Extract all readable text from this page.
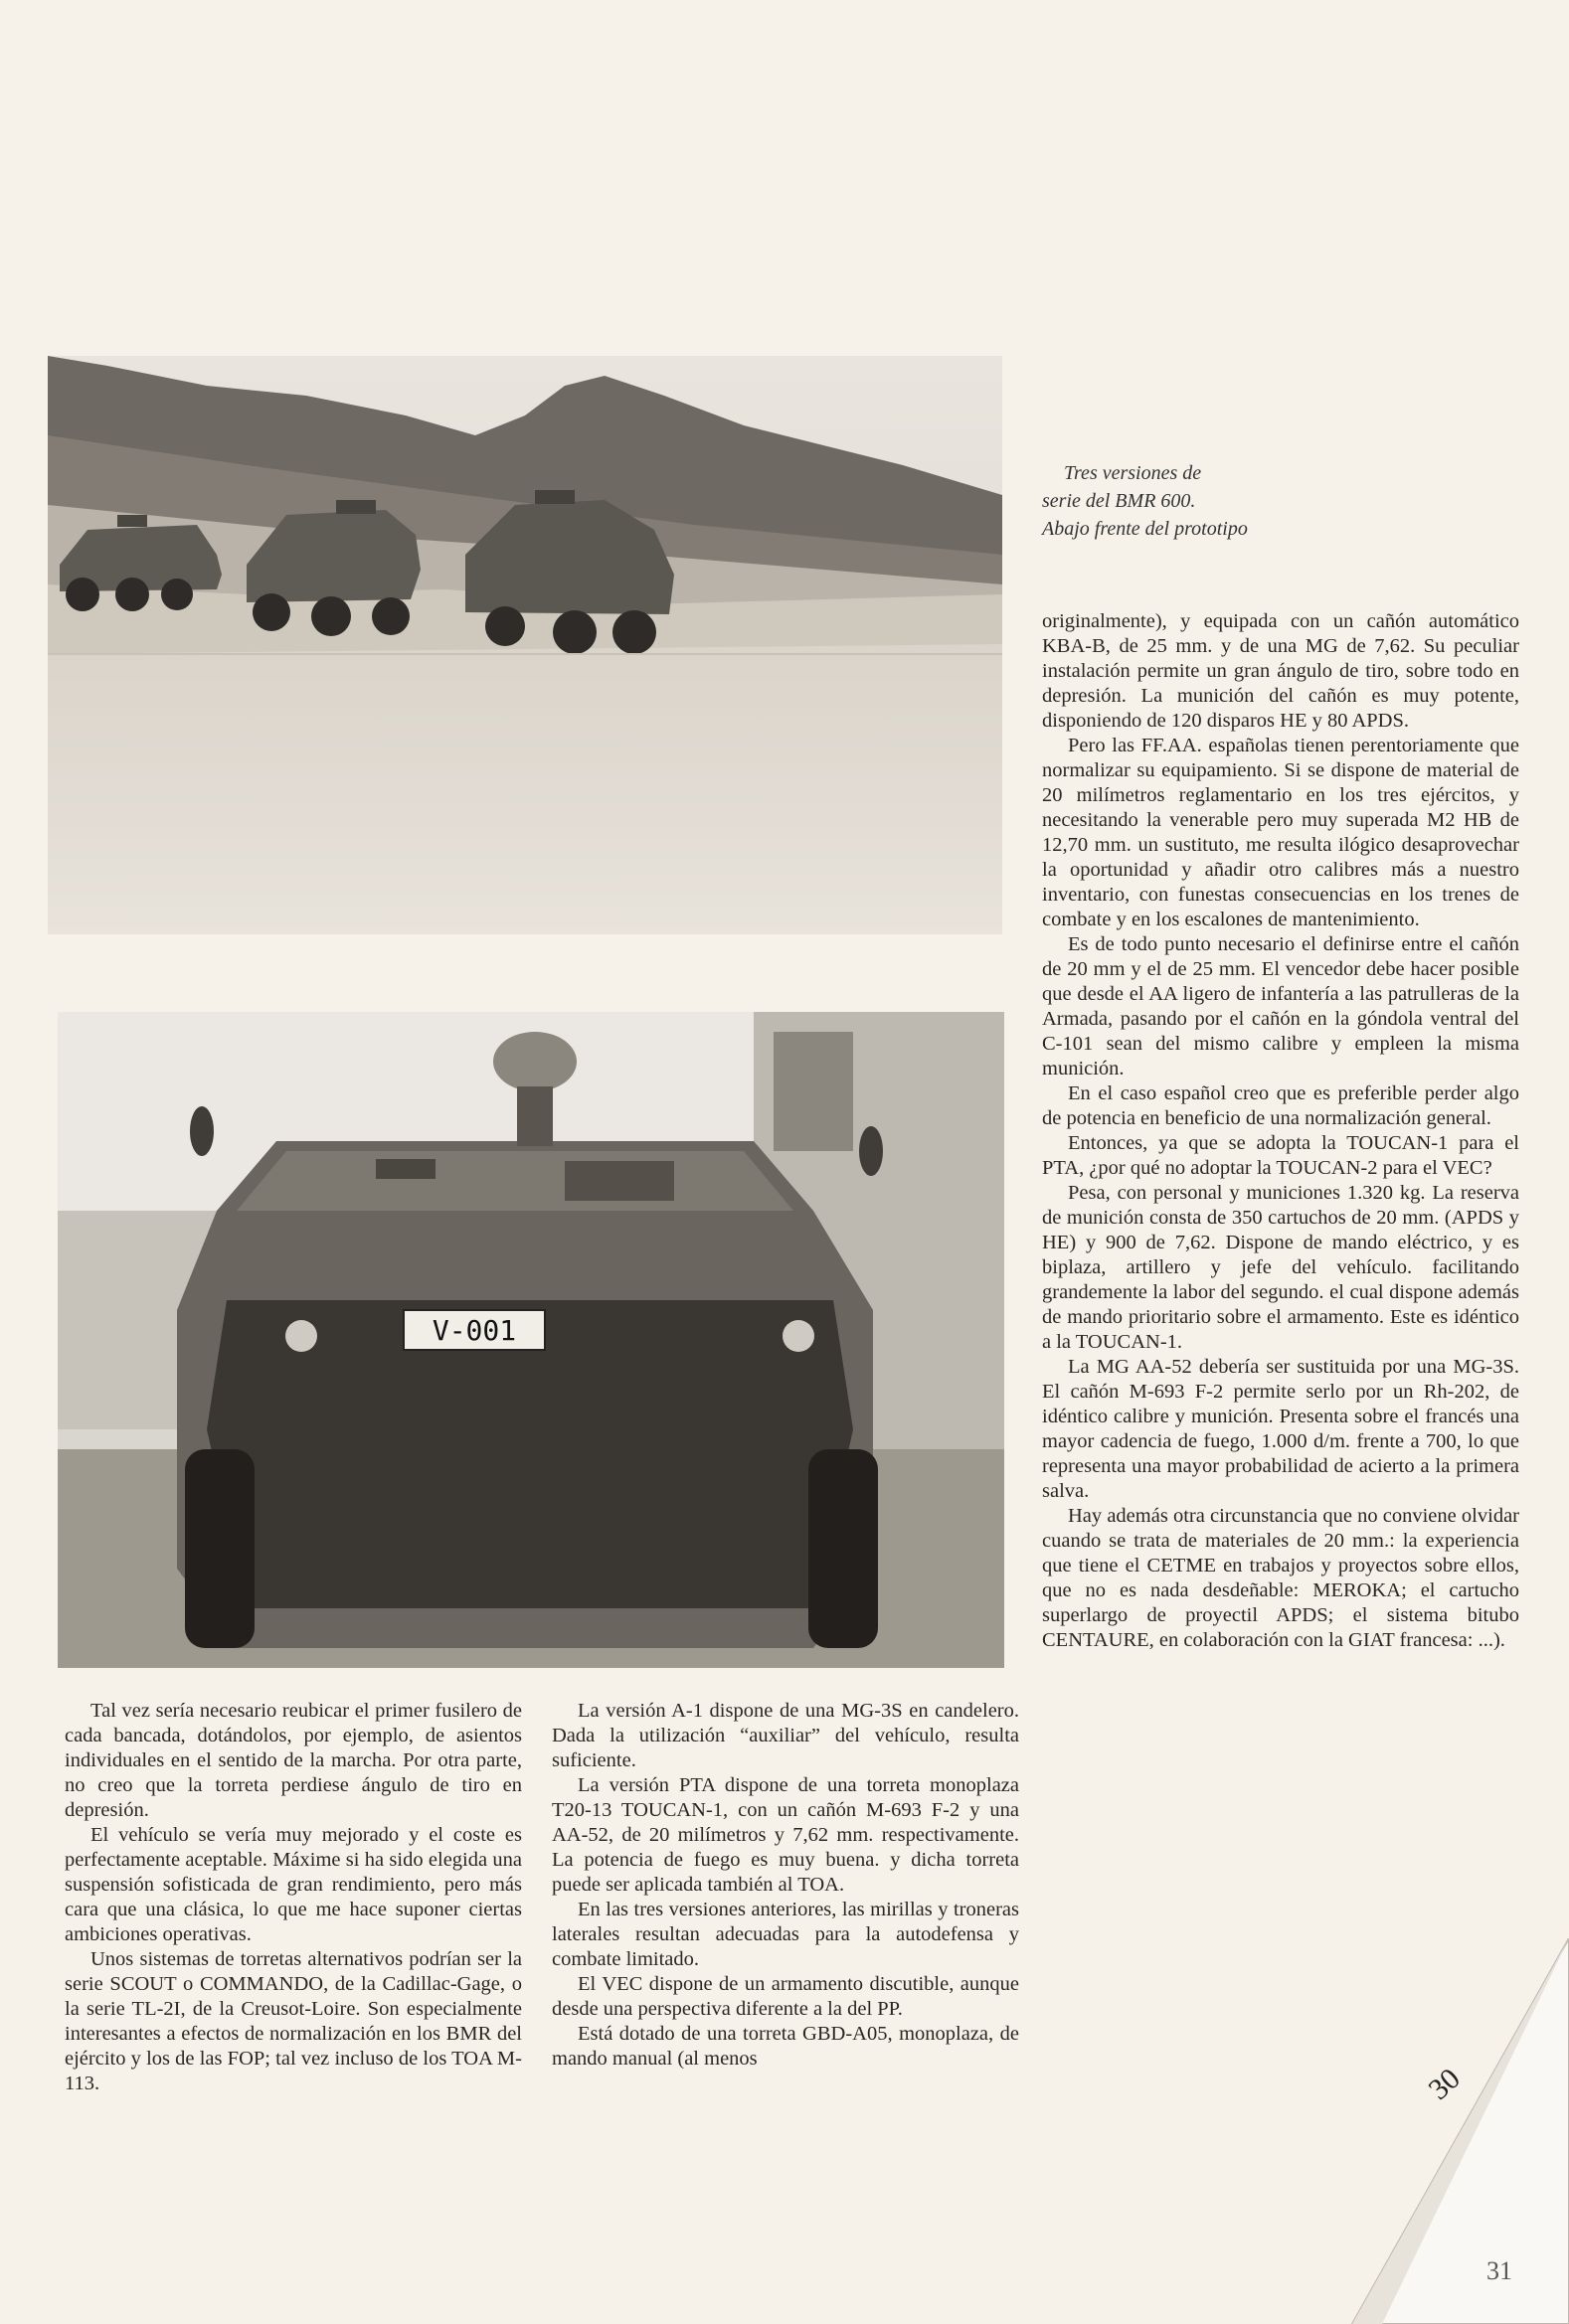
Tres versiones de
serie del BMR 600.
Abajo frente del prototipo
V-001

originalmente), y equipada con un cañón automático KBA-B, de 25 mm. y de una MG de 7,62. Su peculiar instalación permite un gran ángulo de tiro, sobre todo en depresión. La munición del cañón es muy potente, disponiendo de 120 disparos HE y 80 APDS.

Pero las FF.AA. españolas tienen perentoriamente que normalizar su equipamiento. Si se dispone de material de 20 milímetros reglamentario en los tres ejércitos, y necesitando la venerable pero muy superada M2 HB de 12,70 mm. un sustituto, me resulta ilógico desaprovechar la oportunidad y añadir otro calibres más a nuestro inventario, con funestas consecuencias en los trenes de combate y en los escalones de mantenimiento.

Es de todo punto necesario el definirse entre el cañón de 20 mm y el de 25 mm. El vencedor debe hacer posible que desde el AA ligero de infantería a las patrulleras de la Armada, pasando por el cañón en la góndola ventral del C-101 sean del mismo calibre y empleen la misma munición.

En el caso español creo que es preferible perder algo de potencia en beneficio de una normalización general.

Entonces, ya que se adopta la TOUCAN-1 para el PTA, ¿por qué no adoptar la TOUCAN-2 para el VEC?

Pesa, con personal y municiones 1.320 kg. La reserva de munición consta de 350 cartuchos de 20 mm. (APDS y HE) y 900 de 7,62. Dispone de mando eléctrico, y es biplaza, artillero y jefe del vehículo. facilitando grandemente la labor del segundo. el cual dispone además de mando prioritario sobre el armamento. Este es idéntico a la TOUCAN-1.

La MG AA-52 debería ser sustituida por una MG-3S. El cañón M-693 F-2 permite serlo por un Rh-202, de idéntico calibre y munición. Presenta sobre el francés una mayor cadencia de fuego, 1.000 d/m. frente a 700, lo que representa una mayor probabilidad de acierto a la primera salva.

Hay además otra circunstancia que no conviene olvidar cuando se trata de materiales de 20 mm.: la experiencia que tiene el CETME en trabajos y proyectos sobre ellos, que no es nada desdeñable: MEROKA; el cartucho superlargo de proyectil APDS; el sistema bitubo CENTAURE, en colaboración con la GIAT francesa: ...).

Tal vez sería necesario reubicar el primer fusilero de cada bancada, dotándolos, por ejemplo, de asientos individuales en el sentido de la marcha. Por otra parte, no creo que la torreta perdiese ángulo de tiro en depresión.

El vehículo se vería muy mejorado y el coste es perfectamente aceptable. Máxime si ha sido elegida una suspensión sofisticada de gran rendimiento, pero más cara que una clásica, lo que me hace suponer ciertas ambiciones operativas.

Unos sistemas de torretas alternativos podrían ser la serie SCOUT o COMMANDO, de la Cadillac-Gage, o la serie TL-2I, de la Creusot-Loire. Son especialmente interesantes a efectos de normalización en los BMR del ejército y los de las FOP; tal vez incluso de los TOA M-113.

La versión A-1 dispone de una MG-3S en candelero. Dada la utilización “auxiliar” del vehículo, resulta suficiente.

La versión PTA dispone de una torreta monoplaza T20-13 TOUCAN-1, con un cañón M-693 F-2 y una AA-52, de 20 milímetros y 7,62 mm. respectivamente. La potencia de fuego es muy buena. y dicha torreta puede ser aplicada también al TOA.

En las tres versiones anteriores, las mirillas y troneras laterales resultan adecuadas para la autodefensa y combate limitado.

El VEC dispone de un armamento discutible, aunque desde una perspectiva diferente a la del PP.

Está dotado de una torreta GBD-A05, monoplaza, de mando manual (al menos

30
31
